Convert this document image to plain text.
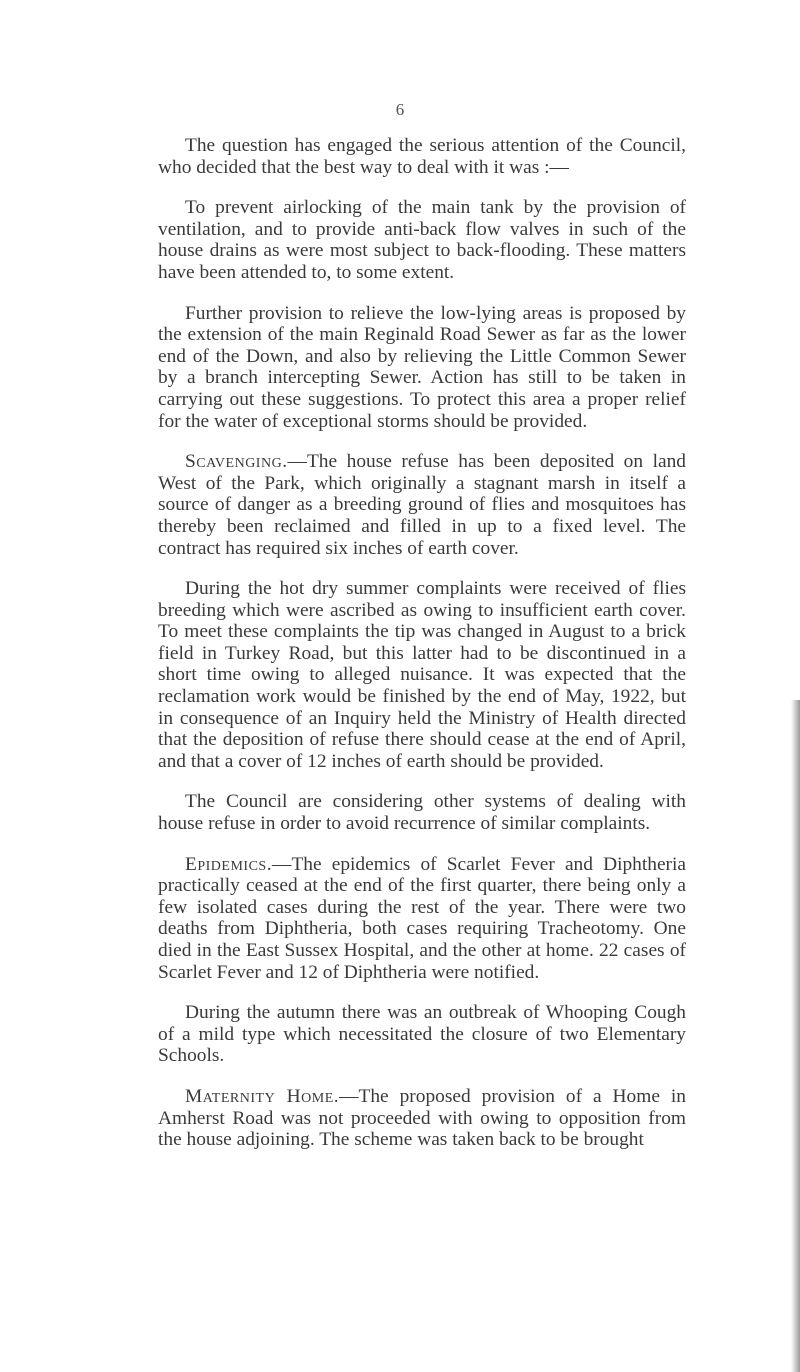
6

The question has engaged the serious attention of the Council, who decided that the best way to deal with it was :—

To prevent airlocking of the main tank by the provision of ventilation, and to provide anti-back flow valves in such of the house drains as were most subject to back-flooding. These matters have been attended to, to some extent.

Further provision to relieve the low-lying areas is proposed by the extension of the main Reginald Road Sewer as far as the lower end of the Down, and also by relieving the Little Common Sewer by a branch intercepting Sewer. Action has still to be taken in carrying out these suggestions. To protect this area a proper relief for the water of exceptional storms should be provided.

Scavenging.—The house refuse has been deposited on land West of the Park, which originally a stagnant marsh in itself a source of danger as a breeding ground of flies and mosquitoes has thereby been reclaimed and filled in up to a fixed level. The contract has required six inches of earth cover.

During the hot dry summer complaints were received of flies breeding which were ascribed as owing to insufficient earth cover. To meet these complaints the tip was changed in August to a brick field in Turkey Road, but this latter had to be discontinued in a short time owing to alleged nuisance. It was expected that the reclamation work would be finished by the end of May, 1922, but in consequence of an Inquiry held the Ministry of Health directed that the deposition of refuse there should cease at the end of April, and that a cover of 12 inches of earth should be provided.

The Council are considering other systems of dealing with house refuse in order to avoid recurrence of similar complaints.

Epidemics.—The epidemics of Scarlet Fever and Diphtheria practically ceased at the end of the first quarter, there being only a few isolated cases during the rest of the year. There were two deaths from Diphtheria, both cases requiring Tracheotomy. One died in the East Sussex Hospital, and the other at home. 22 cases of Scarlet Fever and 12 of Diphtheria were notified.

During the autumn there was an outbreak of Whooping Cough of a mild type which necessitated the closure of two Elementary Schools.

Maternity Home.—The proposed provision of a Home in Amherst Road was not proceeded with owing to opposition from the house adjoining. The scheme was taken back to be brought
